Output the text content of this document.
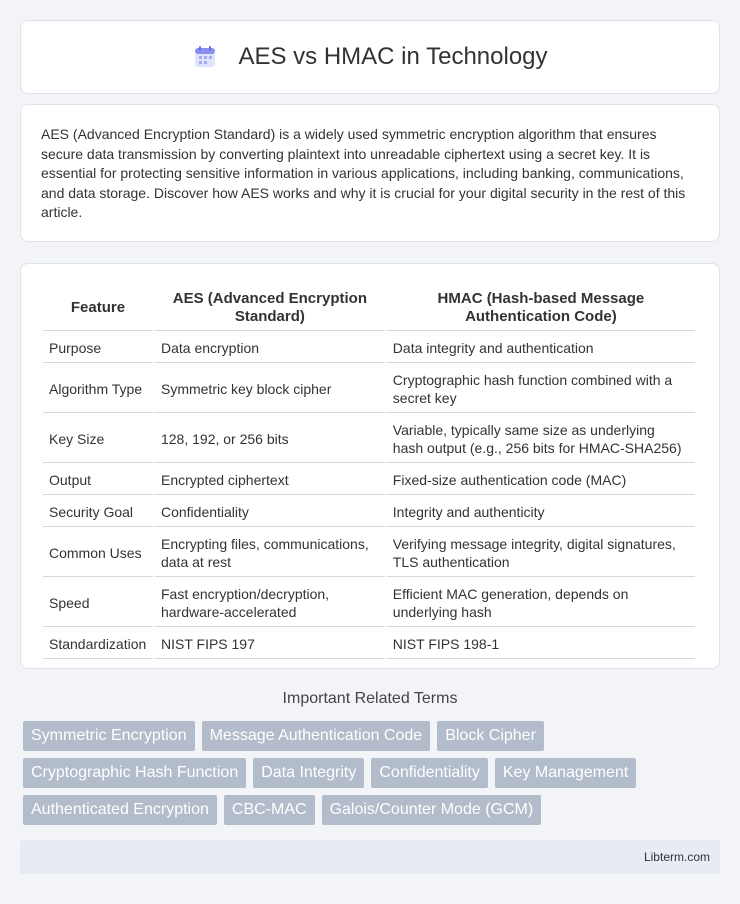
AES vs HMAC in Technology

AES (Advanced Encryption Standard) is a widely used symmetric encryption algorithm that ensures secure data transmission by converting plaintext into unreadable ciphertext using a secret key. It is essential for protecting sensitive information in various applications, including banking, communications, and data storage. Discover how AES works and why it is crucial for your digital security in the rest of this article.

Feature	AES (Advanced Encryption Standard)	HMAC (Hash-based Message Authentication Code)
Purpose	Data encryption	Data integrity and authentication
Algorithm Type	Symmetric key block cipher	Cryptographic hash function combined with a secret key
Key Size	128, 192, or 256 bits	Variable, typically same size as underlying hash output (e.g., 256 bits for HMAC-SHA256)
Output	Encrypted ciphertext	Fixed-size authentication code (MAC)
Security Goal	Confidentiality	Integrity and authenticity
Common Uses	Encrypting files, communications, data at rest	Verifying message integrity, digital signatures, TLS authentication
Speed	Fast encryption/decryption, hardware-accelerated	Efficient MAC generation, depends on underlying hash
Standardization	NIST FIPS 197	NIST FIPS 198-1
Important Related Terms
Symmetric Encryption	Message Authentication Code	Block Cipher
Cryptographic Hash Function	Data Integrity	Confidentiality	Key Management
Authenticated Encryption	CBC-MAC	Galois/Counter Mode (GCM)
Libterm.com
